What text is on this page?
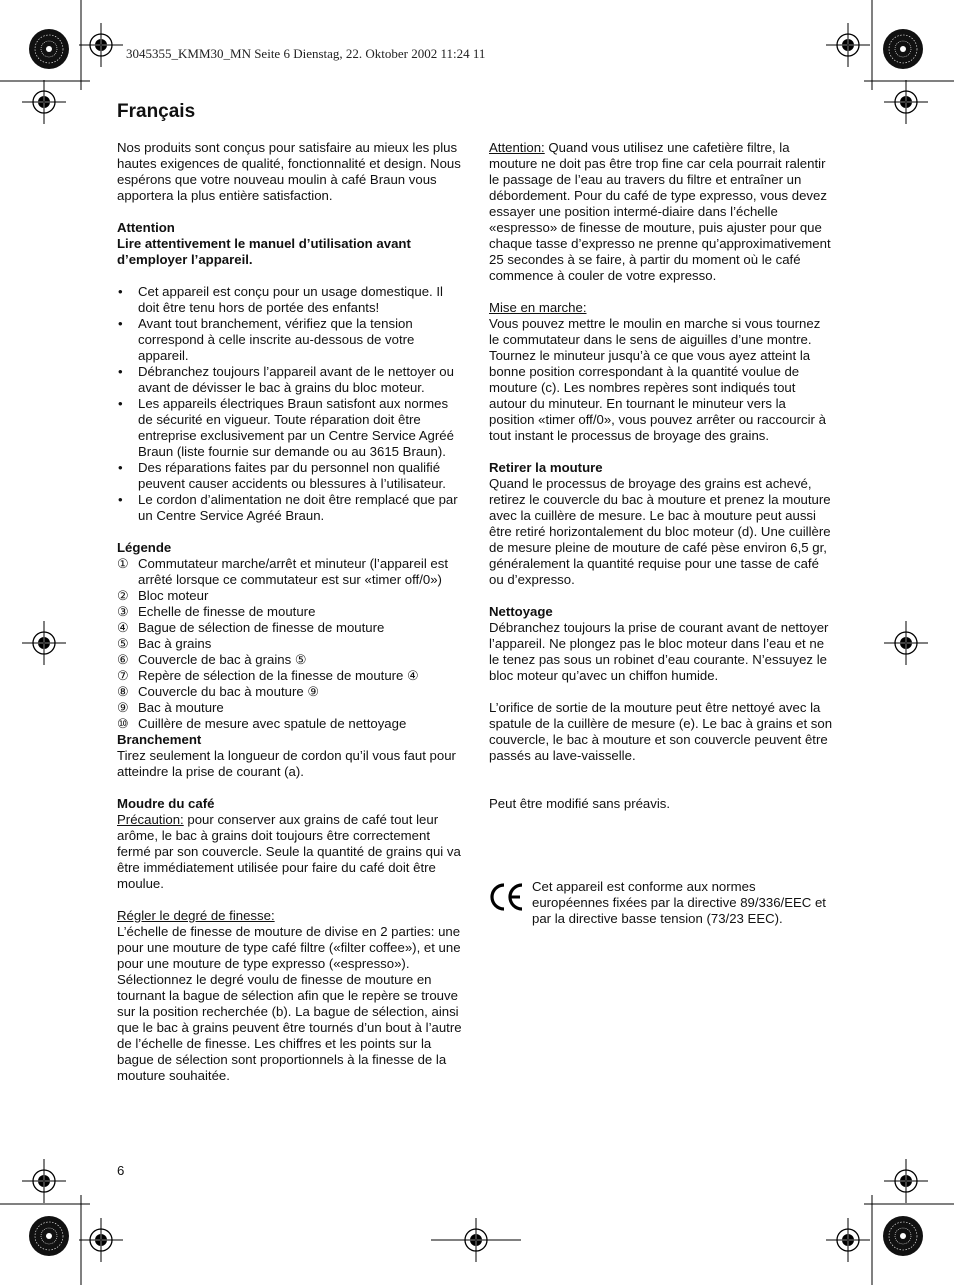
3045355_KMM30_MN Seite 6 Dienstag, 22. Oktober 2002 11:24 11
Français

Nos produits sont conçus pour satisfaire au mieux les plus hautes exigences de qualité, fonctionnalité et design. Nous espérons que votre nouveau moulin à café Braun vous apportera la plus entière satisfaction.

Attention

Lire attentivement le manuel d’utilisation avant d’employer l’appareil.

• Cet appareil est conçu pour un usage domestique. Il doit être tenu hors de portée des enfants!
• Avant tout branchement, vérifiez que la tension correspond à celle inscrite au-dessous de votre appareil.
• Débranchez toujours l’appareil avant de le nettoyer ou avant de dévisser le bac à grains du bloc moteur.
• Les appareils électriques Braun satisfont aux normes de sécurité en vigueur. Toute réparation doit être entreprise exclusivement par un Centre Service Agréé Braun (liste fournie sur demande ou au 3615 Braun).
• Des réparations faites par du personnel non qualifié peuvent causer accidents ou blessures à l’utilisateur.
• Le cordon d’alimentation ne doit être remplacé que par un Centre Service Agréé Braun.
Légende
① Commutateur marche/arrêt et minuteur (l’appareil est arrêté lorsque ce commutateur est sur «timer off/0»)
② Bloc moteur
③ Echelle de finesse de mouture
④ Bague de sélection de finesse de mouture
⑤ Bac à grains
⑥ Couvercle de bac à grains ⑤
⑦ Repère de sélection de la finesse de mouture ④
⑧ Couvercle du bac à mouture ⑨
⑨ Bac à mouture
⑩ Cuillère de mesure avec spatule de nettoyage
Branchement

Tirez seulement la longueur de cordon qu’il vous faut pour atteindre la prise de courant (a).

Moudre du café

Précaution: pour conserver aux grains de café tout leur arôme, le bac à grains doit toujours être correctement fermé par son couvercle. Seule la quantité de grains qui va être immédiatement utilisée pour faire du café doit être moulue.

Régler le degré de finesse:

L’échelle de finesse de mouture de divise en 2 parties: une pour une mouture de type café filtre («filter coffee»), et une pour une mouture de type expresso («espresso»). Sélectionnez le degré voulu de finesse de mouture en tournant la bague de sélection afin que le repère se trouve sur la position recherchée (b). La bague de sélection, ainsi que le bac à grains peuvent être tournés d’un bout à l’autre de l’échelle de finesse. Les chiffres et les points sur la bague de sélection sont proportionnels à la finesse de la mouture souhaitée.

Attention: Quand vous utilisez une cafetière filtre, la mouture ne doit pas être trop fine car cela pourrait ralentir le passage de l’eau au travers du filtre et entraîner un débordement. Pour du café de type expresso, vous devez essayer une position intermé-diaire dans l’échelle «espresso» de finesse de mouture, puis ajuster pour que chaque tasse d’expresso ne prenne qu’approximativement 25 secondes à se faire, à partir du moment où le café commence à couler de votre expresso.

Mise en marche:

Vous pouvez mettre le moulin en marche si vous tournez le commutateur dans le sens de aiguilles d’une montre. Tournez le minuteur jusqu’à ce que vous ayez atteint la bonne position correspondant à la quantité voulue de mouture (c). Les nombres repères sont indiqués tout autour du minuteur. En tournant le minuteur vers la position «timer off/0», vous pouvez arrêter ou raccourcir à tout instant le processus de broyage des grains.

Retirer la mouture

Quand le processus de broyage des grains est achevé, retirez le couvercle du bac à mouture et prenez la mouture avec la cuillère de mesure. Le bac à mouture peut aussi être retiré horizontalement du bloc moteur (d). Une cuillère de mesure pleine de mouture de café pèse environ 6,5 gr, généralement la quantité requise pour une tasse de café ou d’expresso.

Nettoyage

Débranchez toujours la prise de courant avant de nettoyer l’appareil. Ne plongez pas le bloc moteur dans l’eau et ne le tenez pas sous un robinet d’eau courante. N’essuyez le bloc moteur qu’avec un chiffon humide.

L’orifice de sortie de la mouture peut être nettoyé avec la spatule de la cuillère de mesure (e). Le bac à grains et son couvercle, le bac à mouture et son couvercle peuvent être passés au lave-vaisselle.

Peut être modifié sans préavis.

Cet appareil est conforme aux normes européennes fixées par la directive 89/336/EEC et par la directive basse tension (73/23 EEC).
6
